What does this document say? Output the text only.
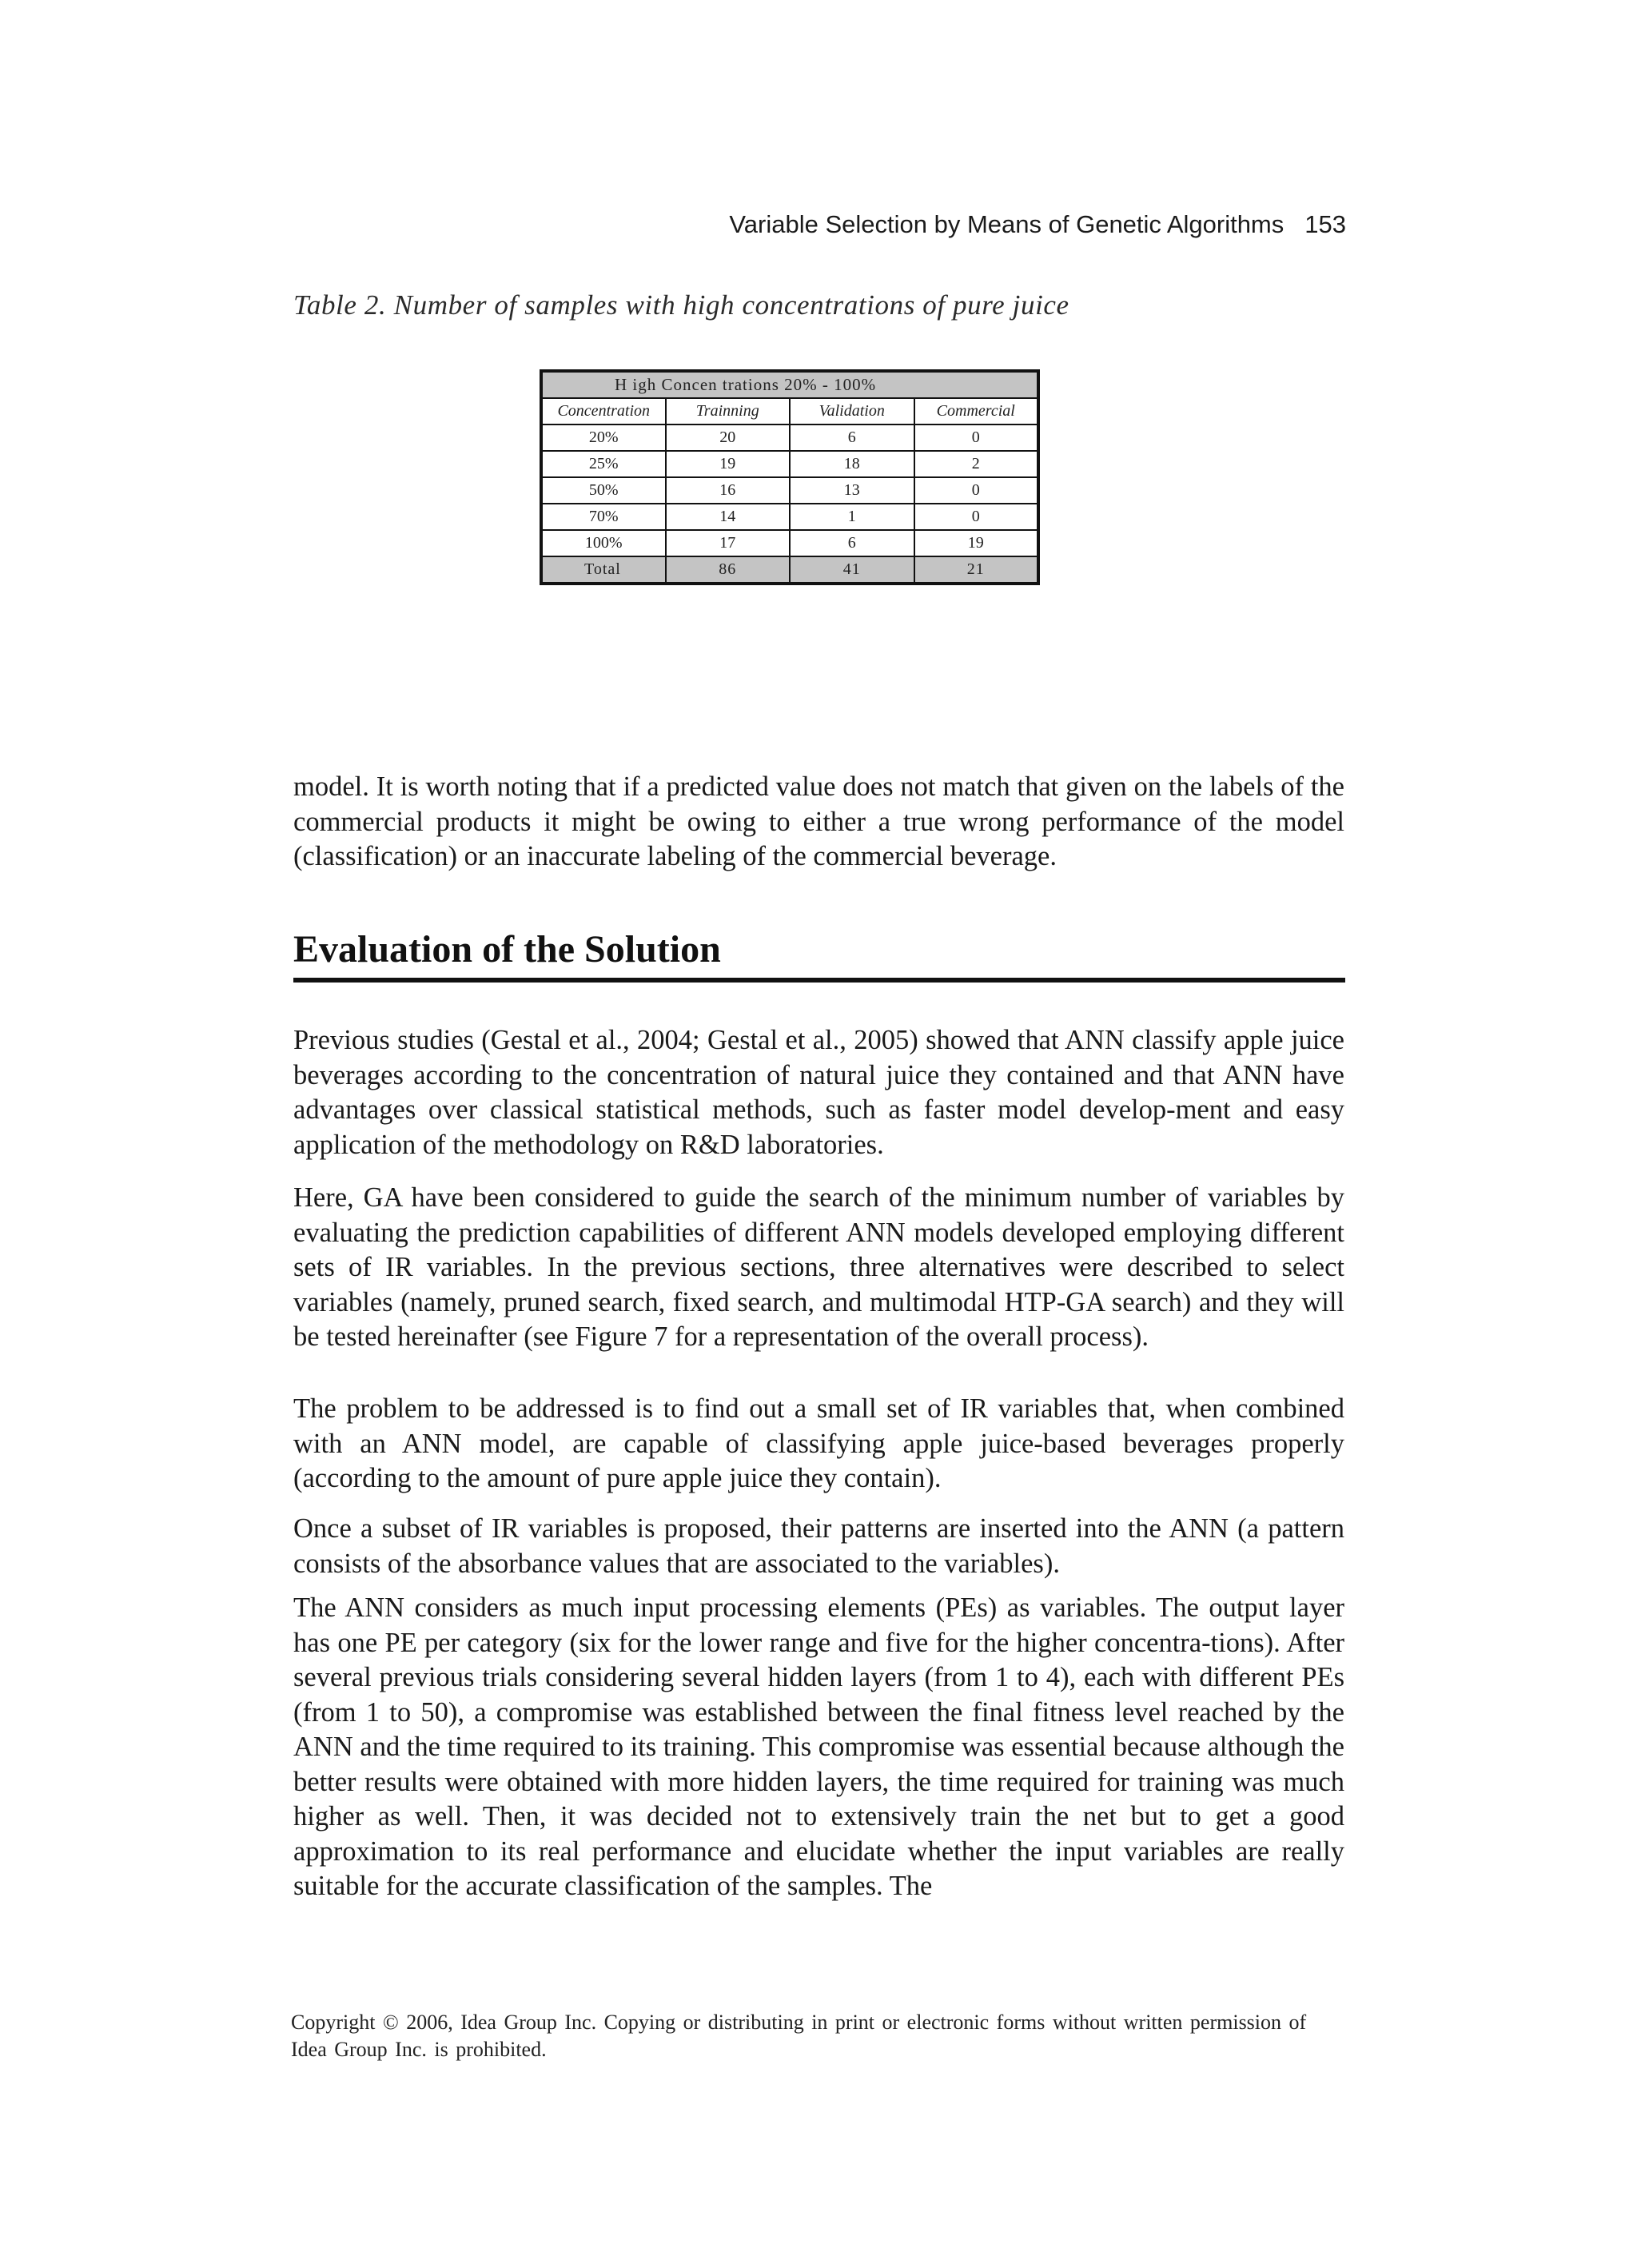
Variable Selection by Means of Genetic Algorithms 153
Table 2. Number of samples with high concentrations of pure juice
H igh Concen trations 20% - 100%			
Concentration	Trainning	Validation	Commercial
20%	20	6	0
25%	19	18	2
50%	16	13	0
70%	14	1	0
100%	17	6	19
Total	86	41	21

model. It is worth noting that if a predicted value does not match that given on the labels of the commercial products it might be owing to either a true wrong performance of the model (classification) or an inaccurate labeling of the commercial beverage.

Evaluation of the Solution

Previous studies (Gestal et al., 2004; Gestal et al., 2005) showed that ANN classify apple juice beverages according to the concentration of natural juice they contained and that ANN have advantages over classical statistical methods, such as faster model develop-ment and easy application of the methodology on R&D laboratories.

Here, GA have been considered to guide the search of the minimum number of variables by evaluating the prediction capabilities of different ANN models developed employing different sets of IR variables. In the previous sections, three alternatives were described to select variables (namely, pruned search, fixed search, and multimodal HTP-GA search) and they will be tested hereinafter (see Figure 7 for a representation of the overall process).

The problem to be addressed is to find out a small set of IR variables that, when combined with an ANN model, are capable of classifying apple juice-based beverages properly (according to the amount of pure apple juice they contain).

Once a subset of IR variables is proposed, their patterns are inserted into the ANN (a pattern consists of the absorbance values that are associated to the variables).

The ANN considers as much input processing elements (PEs) as variables. The output layer has one PE per category (six for the lower range and five for the higher concentra-tions). After several previous trials considering several hidden layers (from 1 to 4), each with different PEs (from 1 to 50), a compromise was established between the final fitness level reached by the ANN and the time required to its training. This compromise was essential because although the better results were obtained with more hidden layers, the time required for training was much higher as well. Then, it was decided not to extensively train the net but to get a good approximation to its real performance and elucidate whether the input variables are really suitable for the accurate classification of the samples. The

Copyright © 2006, Idea Group Inc. Copying or distributing in print or electronic forms without written permission of Idea Group Inc. is prohibited.
